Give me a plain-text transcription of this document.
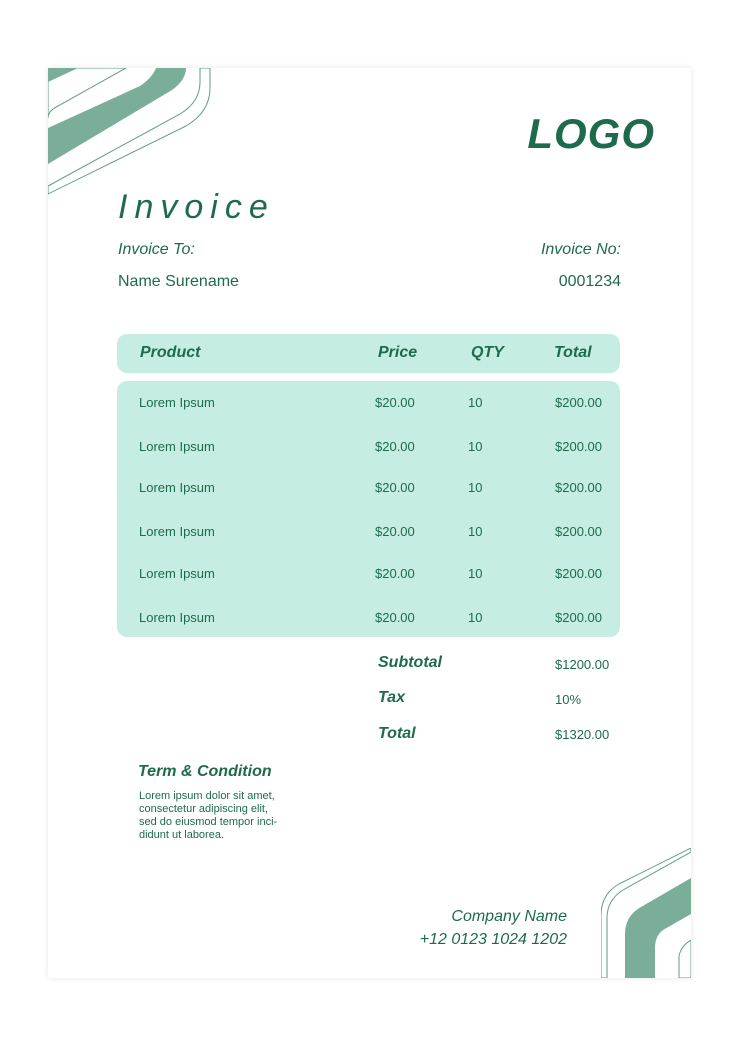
LOGO
Invoice
Invoice To:
Name Surename
Invoice No:
0001234
Product	Price	QTY	Total
Lorem Ipsum	$20.00	10	$200.00
Lorem Ipsum	$20.00	10	$200.00
Lorem Ipsum	$20.00	10	$200.00
Lorem Ipsum	$20.00	10	$200.00
Lorem Ipsum	$20.00	10	$200.00
Lorem Ipsum	$20.00	10	$200.00
Subtotal	$1200.00
Tax	10%
Total	$1320.00
Term & Condition
Lorem ipsum dolor sit amet,
consectetur adipiscing elit,
sed do eiusmod tempor inci-
didunt ut laborea.
Company Name
+12 0123 1024 1202
